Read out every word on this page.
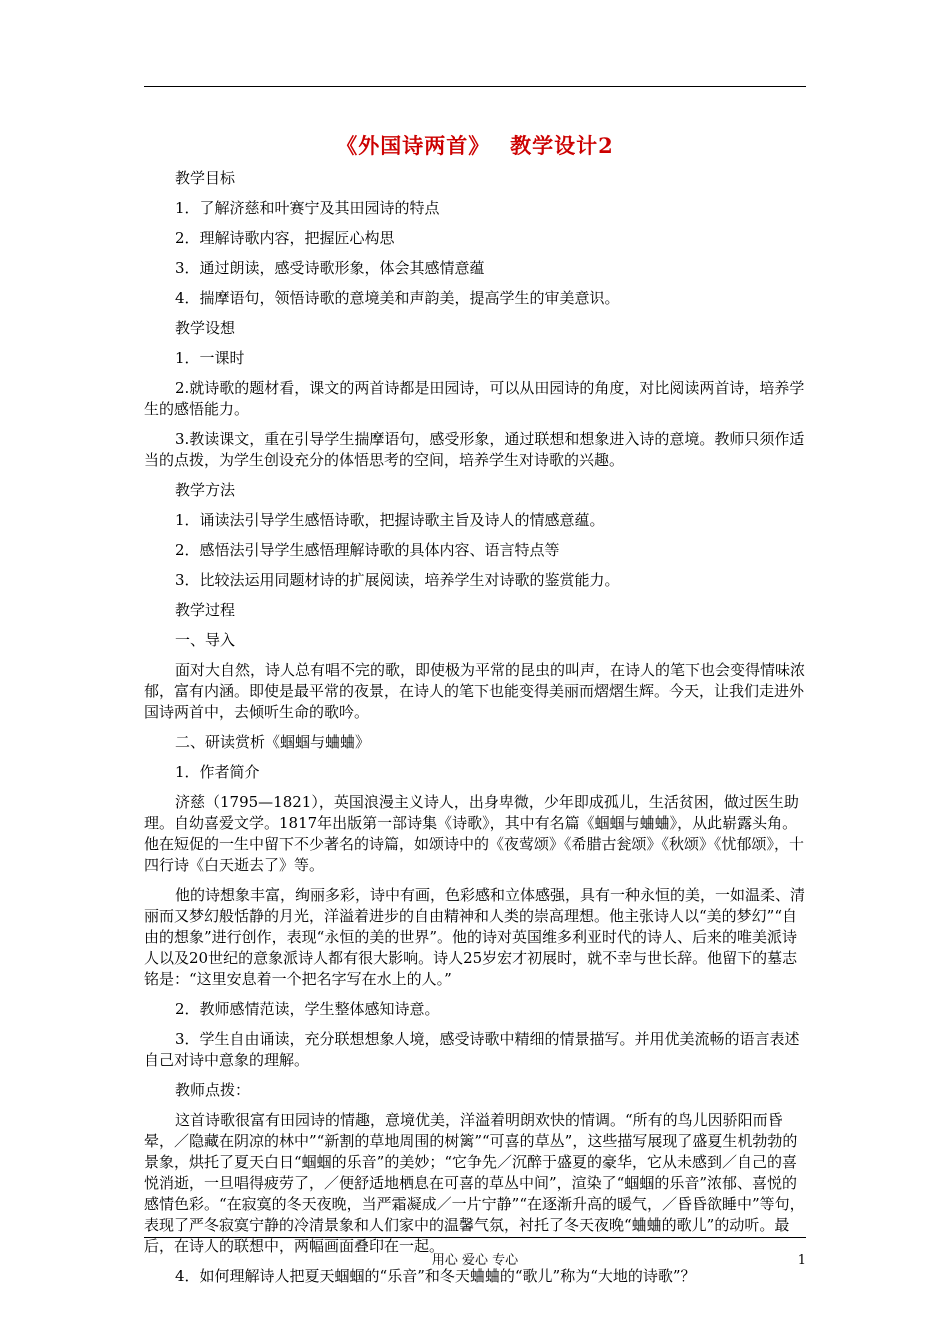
《外国诗两首》　 教学设计2

教学目标

1．了解济慈和叶赛宁及其田园诗的特点

2．理解诗歌内容，把握匠心构思

3．通过朗读，感受诗歌形象，体会其感情意蕴

4．揣摩语句，领悟诗歌的意境美和声韵美，提高学生的审美意识。

教学设想

1．一课时

2.就诗歌的题材看，课文的两首诗都是田园诗，可以从田园诗的角度，对比阅读两首诗，培养学生的感悟能力。

3.教读课文，重在引导学生揣摩语句，感受形象，通过联想和想象进入诗的意境。教师只须作适当的点拨，为学生创设充分的体悟思考的空间，培养学生对诗歌的兴趣。

教学方法

1．诵读法引导学生感悟诗歌，把握诗歌主旨及诗人的情感意蕴。

2．感悟法引导学生感悟理解诗歌的具体内容、语言特点等

3．比较法运用同题材诗的扩展阅读，培养学生对诗歌的鉴赏能力。

教学过程

一、导入

面对大自然，诗人总有唱不完的歌，即使极为平常的昆虫的叫声，在诗人的笔下也会变得情味浓郁，富有内涵。即使是最平常的夜景，在诗人的笔下也能变得美丽而熠熠生辉。今天，让我们走进外国诗两首中，去倾听生命的歌吟。

二、研读赏析《蝈蝈与蛐蛐》

1．作者简介

济慈（1795—1821），英国浪漫主义诗人，出身卑微，少年即成孤儿，生活贫困，做过医生助理。自幼喜爱文学。1817年出版第一部诗集《诗歌》，其中有名篇《蝈蝈与蛐蛐》，从此崭露头角。他在短促的一生中留下不少著名的诗篇，如颂诗中的《夜莺颂》《希腊古瓮颂》《秋颂》《忧郁颂》，十四行诗《白天逝去了》等。

他的诗想象丰富，绚丽多彩，诗中有画，色彩感和立体感强，具有一种永恒的美，一如温柔、清丽而又梦幻般恬静的月光，洋溢着进步的自由精神和人类的崇高理想。他主张诗人以“美的梦幻”“自由的想象”进行创作，表现“永恒的美的世界”。他的诗对英国维多利亚时代的诗人、后来的唯美派诗人以及20世纪的意象派诗人都有很大影响。诗人25岁宏才初展时，就不幸与世长辞。他留下的墓志铭是：“这里安息着一个把名字写在水上的人。”

2．教师感情范读，学生整体感知诗意。

3．学生自由诵读，充分联想想象人境，感受诗歌中精细的情景描写。并用优美流畅的语言表述自己对诗中意象的理解。

教师点拨：

这首诗歌很富有田园诗的情趣，意境优美，洋溢着明朗欢快的情调。“所有的鸟儿因骄阳而昏晕，／隐藏在阴凉的林中”“新割的草地周围的树篱”“可喜的草丛”，这些描写展现了盛夏生机勃勃的景象，烘托了夏天白日“蝈蝈的乐音”的美妙；“它争先／沉醉于盛夏的豪华，它从未感到／自己的喜悦消逝，一旦唱得疲劳了，／便舒适地栖息在可喜的草丛中间”，渲染了“蝈蝈的乐音”浓郁、喜悦的感情色彩。“在寂寞的冬天夜晚，当严霜凝成／一片宁静”“在逐渐升高的暖气，／昏昏欲睡中”等句，表现了严冬寂寞宁静的冷清景象和人们家中的温馨气氛，衬托了冬天夜晚“蛐蛐的歌儿”的动听。最后，在诗人的联想中，两幅画面叠印在一起。

4．如何理解诗人把夏天蝈蝈的“乐音”和冬天蛐蛐的“歌儿”称为“大地的诗歌”？

用心 爱心 专心	1
